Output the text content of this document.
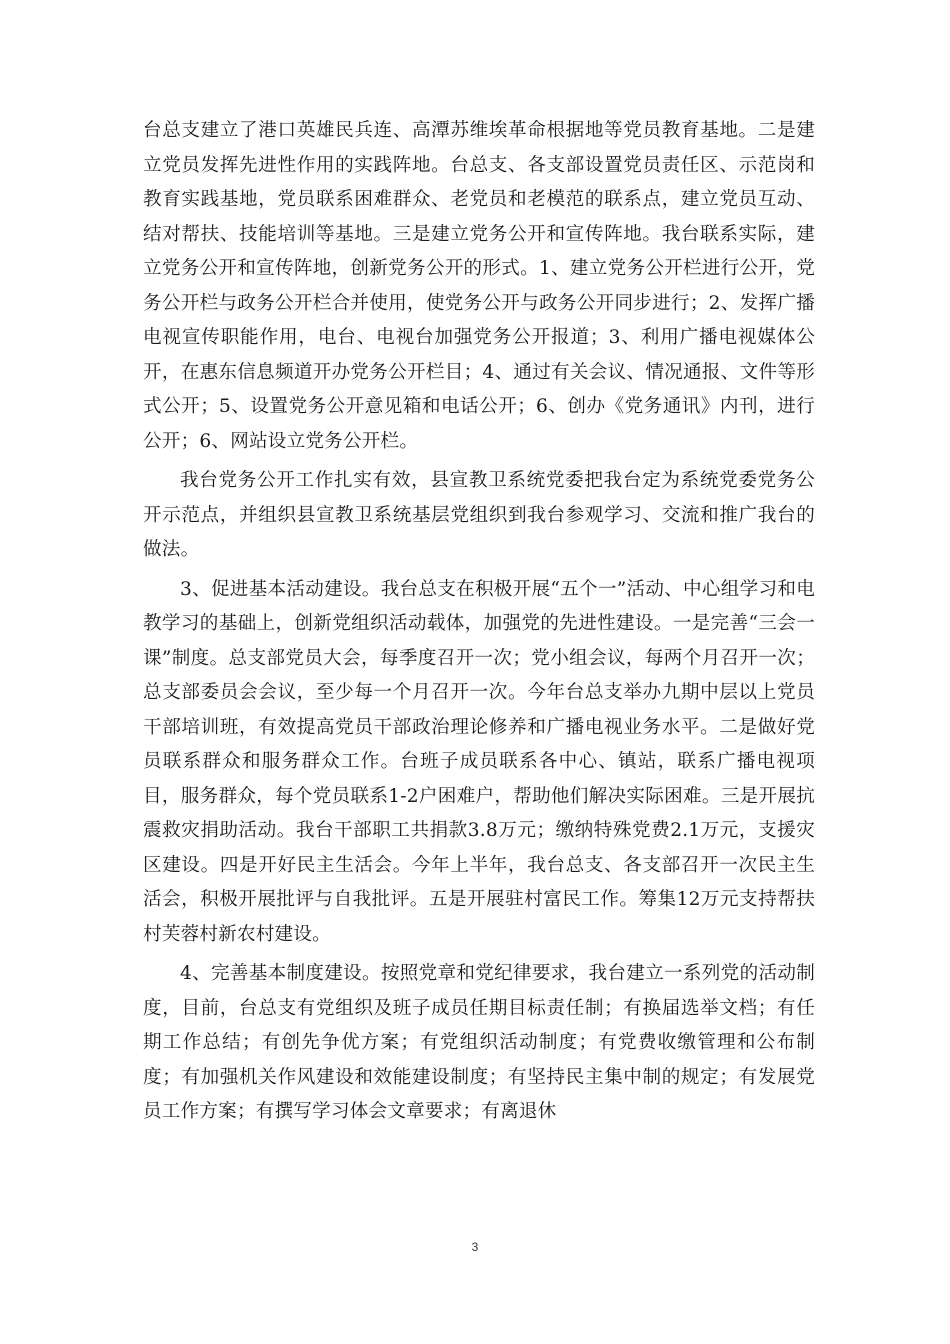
台总支建立了港口英雄民兵连、高潭苏维埃革命根据地等党员教育基地。二是建立党员发挥先进性作用的实践阵地。台总支、各支部设置党员责任区、示范岗和教育实践基地，党员联系困难群众、老党员和老模范的联系点，建立党员互动、结对帮扶、技能培训等基地。三是建立党务公开和宣传阵地。我台联系实际，建立党务公开和宣传阵地，创新党务公开的形式。1、建立党务公开栏进行公开，党务公开栏与政务公开栏合并使用，使党务公开与政务公开同步进行；2、发挥广播电视宣传职能作用，电台、电视台加强党务公开报道；3、利用广播电视媒体公开，在惠东信息频道开办党务公开栏目；4、通过有关会议、情况通报、文件等形式公开；5、设置党务公开意见箱和电话公开；6、创办《党务通讯》内刊，进行公开；6、网站设立党务公开栏。

我台党务公开工作扎实有效，县宣教卫系统党委把我台定为系统党委党务公开示范点，并组织县宣教卫系统基层党组织到我台参观学习、交流和推广我台的做法。

3、促进基本活动建设。我台总支在积极开展“五个一”活动、中心组学习和电教学习的基础上，创新党组织活动载体，加强党的先进性建设。一是完善“三会一课”制度。总支部党员大会，每季度召开一次；党小组会议，每两个月召开一次；总支部委员会会议，至少每一个月召开一次。今年台总支举办九期中层以上党员干部培训班，有效提高党员干部政治理论修养和广播电视业务水平。二是做好党员联系群众和服务群众工作。台班子成员联系各中心、镇站，联系广播电视项目，服务群众，每个党员联系1-2户困难户，帮助他们解决实际困难。三是开展抗震救灾捐助活动。我台干部职工共捐款3.8万元；缴纳特殊党费2.1万元，支援灾区建设。四是开好民主生活会。今年上半年，我台总支、各支部召开一次民主生活会，积极开展批评与自我批评。五是开展驻村富民工作。筹集12万元支持帮扶村芙蓉村新农村建设。

4、完善基本制度建设。按照党章和党纪律要求，我台建立一系列党的活动制度，目前，台总支有党组织及班子成员任期目标责任制；有换届选举文档；有任期工作总结；有创先争优方案；有党组织活动制度；有党费收缴管理和公布制度；有加强机关作风建设和效能建设制度；有坚持民主集中制的规定；有发展党员工作方案；有撰写学习体会文章要求；有离退休

3
